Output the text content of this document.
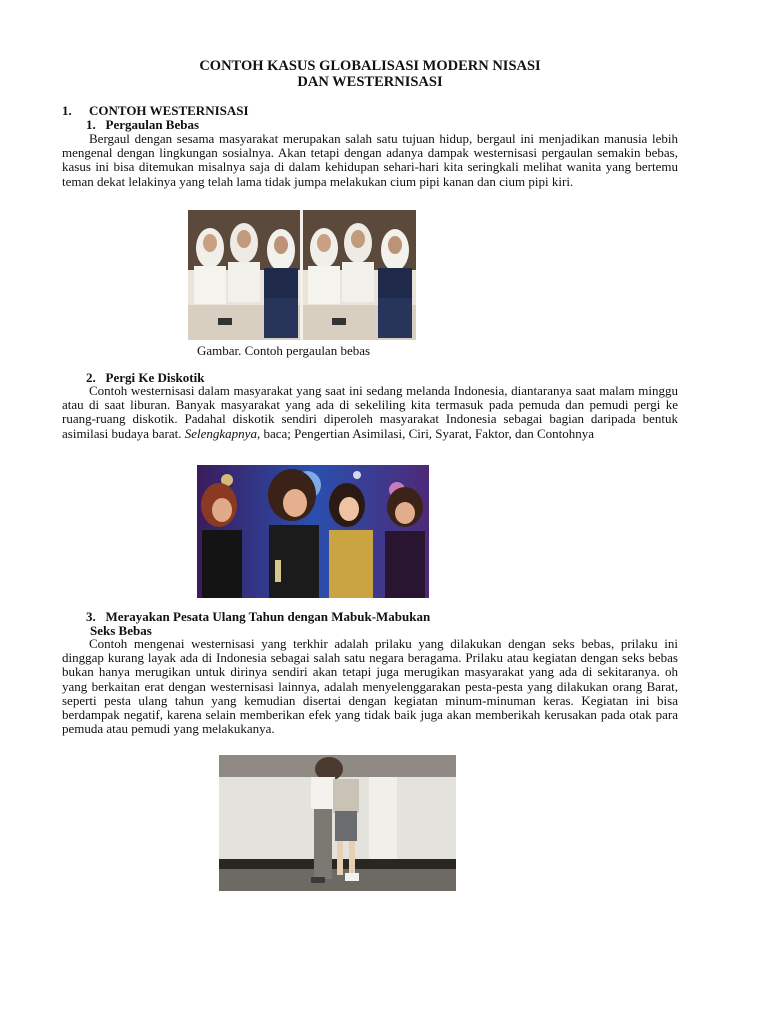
CONTOH KASUS GLOBALISASI MODERN NISASI
DAN WESTERNISASI
1. CONTOH WESTERNISASI
1. Pergaulan Bebas

Bergaul dengan sesama masyarakat merupakan salah satu tujuan hidup, bergaul ini menjadikan manusia lebih mengenal dengan lingkungan sosialnya. Akan tetapi dengan adanya dampak westernisasi pergaulan semakin bebas, kasus ini bisa ditemukan misalnya saja di dalam kehidupan sehari-hari kita seringkali melihat wanita yang bertemu teman dekat lelakinya yang telah lama tidak jumpa melakukan cium pipi kanan dan cium pipi kiri.

Gambar. Contoh pergaulan bebas
2. Pergi Ke Diskotik

Contoh westernisasi dalam masyarakat yang saat ini sedang melanda Indonesia, diantaranya saat malam minggu atau di saat liburan. Banyak masyarakat yang ada di sekeliling kita termasuk pada pemuda dan pemudi pergi ke ruang-ruang diskotik. Padahal diskotik sendiri diperoleh masyarakat Indonesia sebagai bagian daripada bentuk asimilasi budaya barat. Selengkapnya, baca; Pengertian Asimilasi, Ciri, Syarat, Faktor, dan Contohnya

3. Merayakan Pesata Ulang Tahun dengan Mabuk-Mabukan
Seks Bebas

Contoh mengenai westernisasi yang terkhir adalah prilaku yang dilakukan dengan seks bebas, prilaku ini dinggap kurang layak ada di Indonesia sebagai salah satu negara beragama. Prilaku atau kegiatan dengan seks bebas bukan hanya merugikan untuk dirinya sendiri akan tetapi juga merugikan masyarakat yang ada di sekitaranya. oh yang berkaitan erat dengan westernisasi lainnya, adalah menyelenggarakan pesta-pesta yang dilakukan orang Barat, seperti pesta ulang tahun yang kemudian disertai dengan kegiatan minum-minuman keras. Kegiatan ini bisa berdampak negatif, karena selain memberikan efek yang tidak baik juga akan memberikah kerusakan pada otak para pemuda atau pemudi yang melakukanya.
